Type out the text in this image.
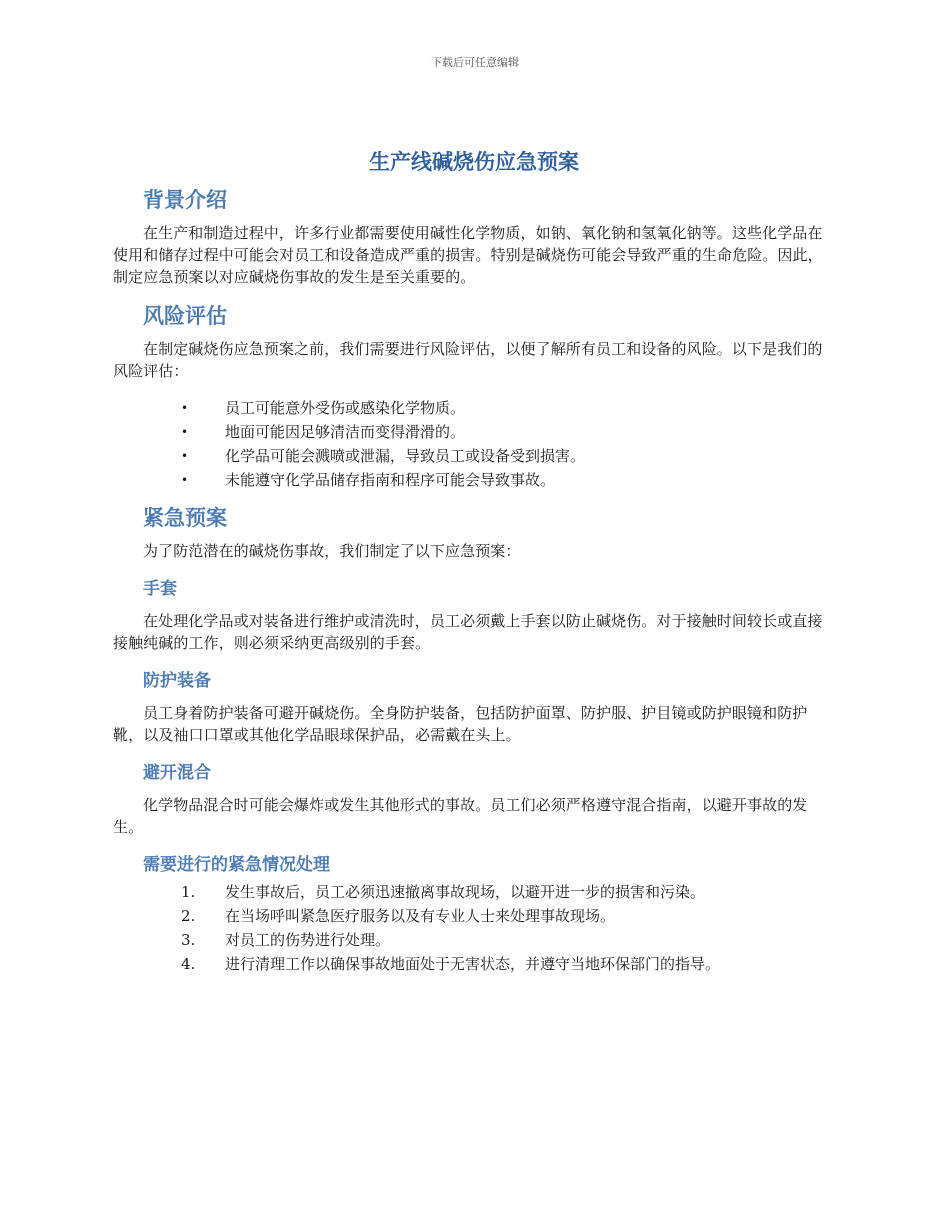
下载后可任意编辑
生产线碱烧伤应急预案
背景介绍

在生产和制造过程中，许多行业都需要使用碱性化学物质，如钠、氧化钠和氢氧化钠等。这些化学品在使用和储存过程中可能会对员工和设备造成严重的损害。特别是碱烧伤可能会导致严重的生命危险。因此，制定应急预案以对应碱烧伤事故的发生是至关重要的。

风险评估

在制定碱烧伤应急预案之前，我们需要进行风险评估，以便了解所有员工和设备的风险。以下是我们的风险评估：

• 员工可能意外受伤或感染化学物质。
• 地面可能因足够清洁而变得滑滑的。
• 化学品可能会溅喷或泄漏，导致员工或设备受到损害。
• 未能遵守化学品储存指南和程序可能会导致事故。
紧急预案

为了防范潜在的碱烧伤事故，我们制定了以下应急预案：

手套

在处理化学品或对装备进行维护或清洗时，员工必须戴上手套以防止碱烧伤。对于接触时间较长或直接接触纯碱的工作，则必须采纳更高级别的手套。

防护装备

员工身着防护装备可避开碱烧伤。全身防护装备，包括防护面罩、防护服、护目镜或防护眼镜和防护靴，以及袖口口罩或其他化学品眼球保护品，必需戴在头上。

避开混合

化学物品混合时可能会爆炸或发生其他形式的事故。员工们必须严格遵守混合指南，以避开事故的发生。

需要进行的紧急情况处理
1. 发生事故后，员工必须迅速撤离事故现场，以避开进一步的损害和污染。
2. 在当场呼叫紧急医疗服务以及有专业人士来处理事故现场。
3. 对员工的伤势进行处理。
4. 进行清理工作以确保事故地面处于无害状态，并遵守当地环保部门的指导。
